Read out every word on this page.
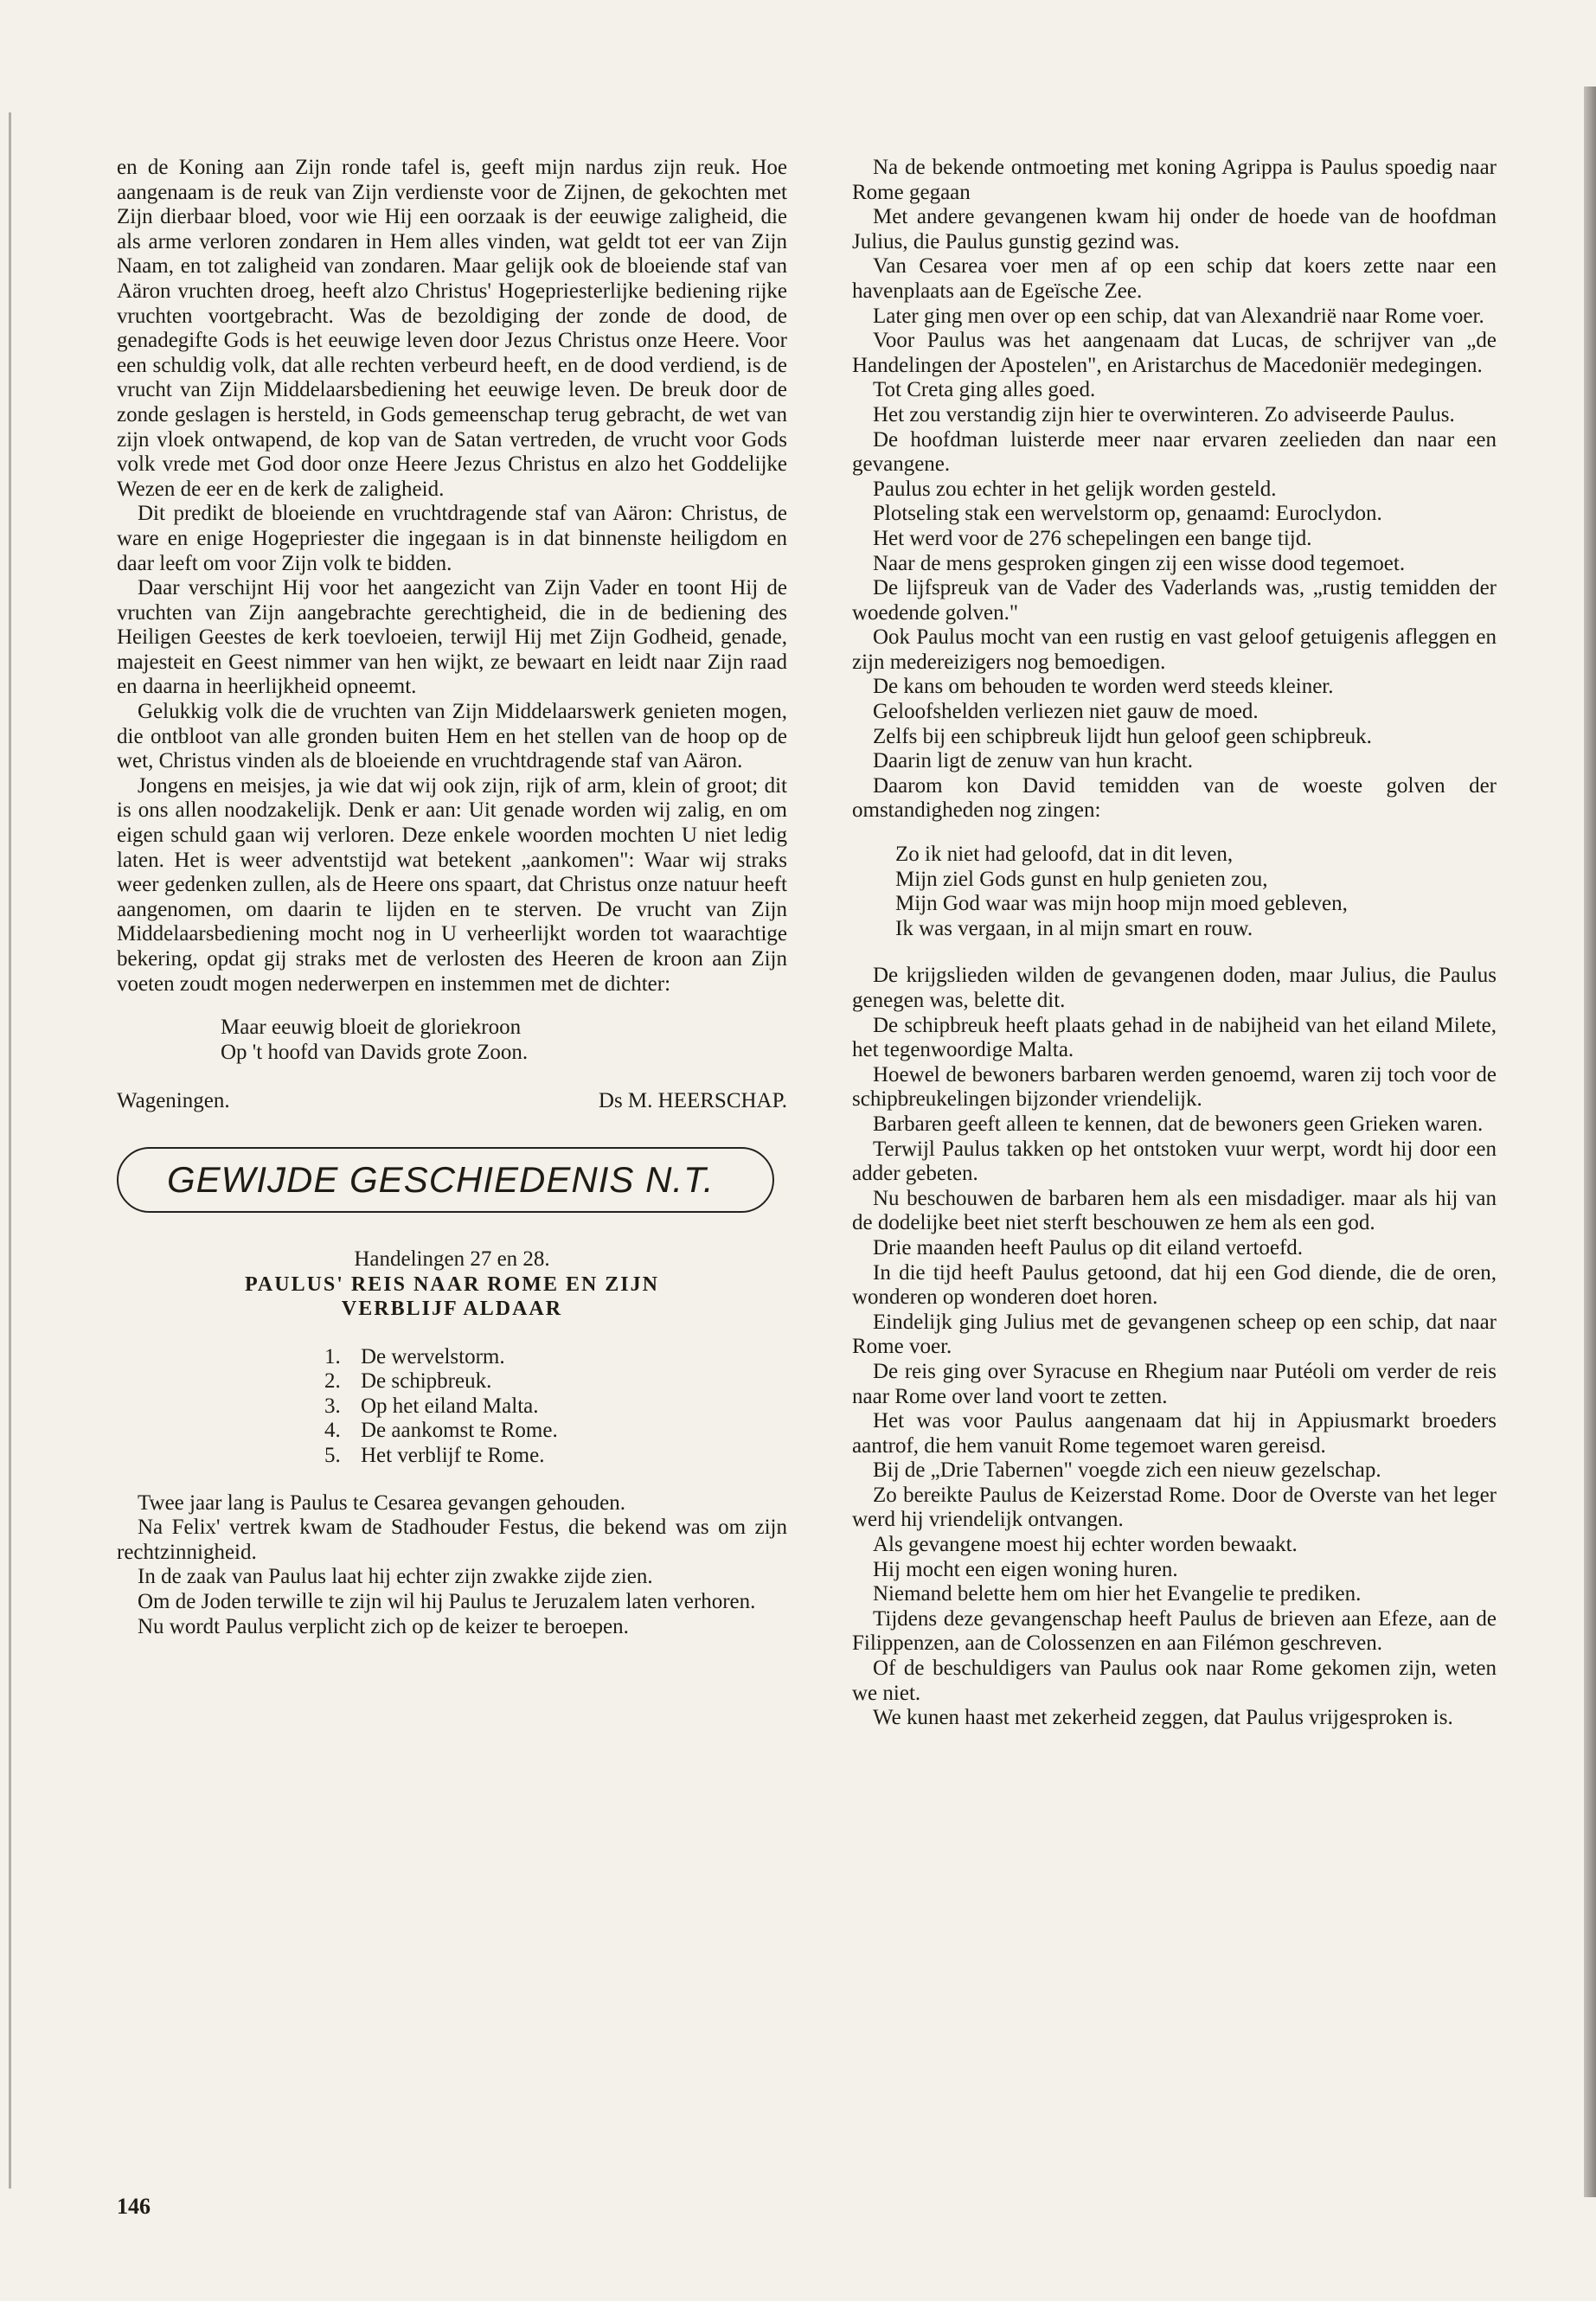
en de Koning aan Zijn ronde tafel is, geeft mijn nardus zijn reuk. Hoe aangenaam is de reuk van Zijn verdienste voor de Zijnen, de gekochten met Zijn dierbaar bloed, voor wie Hij een oorzaak is der eeuwige zaligheid, die als arme verloren zondaren in Hem alles vinden, wat geldt tot eer van Zijn Naam, en tot zaligheid van zondaren. Maar gelijk ook de bloeiende staf van Aäron vruchten droeg, heeft alzo Christus' Hogepriesterlijke bediening rijke vruchten voortgebracht. Was de bezoldiging der zonde de dood, de genadegifte Gods is het eeuwige leven door Jezus Christus onze Heere. Voor een schuldig volk, dat alle rechten verbeurd heeft, en de dood verdiend, is de vrucht van Zijn Middelaarsbediening het eeuwige leven. De breuk door de zonde geslagen is hersteld, in Gods gemeenschap terug gebracht, de wet van zijn vloek ontwapend, de kop van de Satan vertreden, de vrucht voor Gods volk vrede met God door onze Heere Jezus Christus en alzo het Goddelijke Wezen de eer en de kerk de zaligheid.

Dit predikt de bloeiende en vruchtdragende staf van Aäron: Christus, de ware en enige Hogepriester die ingegaan is in dat binnenste heiligdom en daar leeft om voor Zijn volk te bidden.

Daar verschijnt Hij voor het aangezicht van Zijn Vader en toont Hij de vruchten van Zijn aangebrachte gerechtigheid, die in de bediening des Heiligen Geestes de kerk toevloeien, terwijl Hij met Zijn Godheid, genade, majesteit en Geest nimmer van hen wijkt, ze bewaart en leidt naar Zijn raad en daarna in heerlijkheid opneemt.

Gelukkig volk die de vruchten van Zijn Middelaarswerk genieten mogen, die ontbloot van alle gronden buiten Hem en het stellen van de hoop op de wet, Christus vinden als de bloeiende en vruchtdragende staf van Aäron.

Jongens en meisjes, ja wie dat wij ook zijn, rijk of arm, klein of groot; dit is ons allen noodzakelijk. Denk er aan: Uit genade worden wij zalig, en om eigen schuld gaan wij verloren. Deze enkele woorden mochten U niet ledig laten. Het is weer adventstijd wat betekent „aankomen": Waar wij straks weer gedenken zullen, als de Heere ons spaart, dat Christus onze natuur heeft aangenomen, om daarin te lijden en te sterven. De vrucht van Zijn Middelaarsbediening mocht nog in U verheerlijkt worden tot waarachtige bekering, opdat gij straks met de verlosten des Heeren de kroon aan Zijn voeten zoudt mogen nederwerpen en instemmen met de dichter:

Maar eeuwig bloeit de gloriekroon
Op 't hoofd van Davids grote Zoon.
Wageningen.	Ds M. HEERSCHAP.
GEWIJDE GESCHIEDENIS N.T.

Handelingen 27 en 28.

PAULUS' REIS NAAR ROME EN ZIJN

VERBLIJF ALDAAR

1. De wervelstorm.
2. De schipbreuk.
3. Op het eiland Malta.
4. De aankomst te Rome.
5. Het verblijf te Rome.

Twee jaar lang is Paulus te Cesarea gevangen gehouden.

Na Felix' vertrek kwam de Stadhouder Festus, die bekend was om zijn rechtzinnigheid.

In de zaak van Paulus laat hij echter zijn zwakke zijde zien.

Om de Joden terwille te zijn wil hij Paulus te Jeruzalem laten verhoren.

Nu wordt Paulus verplicht zich op de keizer te beroepen.

Na de bekende ontmoeting met koning Agrippa is Paulus spoedig naar Rome gegaan

Met andere gevangenen kwam hij onder de hoede van de hoofdman Julius, die Paulus gunstig gezind was.

Van Cesarea voer men af op een schip dat koers zette naar een havenplaats aan de Egeïsche Zee.

Later ging men over op een schip, dat van Alexandrië naar Rome voer.

Voor Paulus was het aangenaam dat Lucas, de schrijver van „de Handelingen der Apostelen", en Aristarchus de Macedoniër medegingen.

Tot Creta ging alles goed.

Het zou verstandig zijn hier te overwinteren. Zo adviseerde Paulus.

De hoofdman luisterde meer naar ervaren zeelieden dan naar een gevangene.

Paulus zou echter in het gelijk worden gesteld.

Plotseling stak een wervelstorm op, genaamd: Euroclydon.

Het werd voor de 276 schepelingen een bange tijd.

Naar de mens gesproken gingen zij een wisse dood tegemoet.

De lijfspreuk van de Vader des Vaderlands was, „rustig temidden der woedende golven."

Ook Paulus mocht van een rustig en vast geloof getuigenis afleggen en zijn medereizigers nog bemoedigen.

De kans om behouden te worden werd steeds kleiner.

Geloofshelden verliezen niet gauw de moed.

Zelfs bij een schipbreuk lijdt hun geloof geen schipbreuk.

Daarin ligt de zenuw van hun kracht.

Daarom kon David temidden van de woeste golven der omstandigheden nog zingen:

Zo ik niet had geloofd, dat in dit leven,
Mijn ziel Gods gunst en hulp genieten zou,
Mijn God waar was mijn hoop mijn moed gebleven,
Ik was vergaan, in al mijn smart en rouw.

De krijgslieden wilden de gevangenen doden, maar Julius, die Paulus genegen was, belette dit.

De schipbreuk heeft plaats gehad in de nabijheid van het eiland Milete, het tegenwoordige Malta.

Hoewel de bewoners barbaren werden genoemd, waren zij toch voor de schipbreukelingen bijzonder vriendelijk.

Barbaren geeft alleen te kennen, dat de bewoners geen Grieken waren.

Terwijl Paulus takken op het ontstoken vuur werpt, wordt hij door een adder gebeten.

Nu beschouwen de barbaren hem als een misdadiger. maar als hij van de dodelijke beet niet sterft beschouwen ze hem als een god.

Drie maanden heeft Paulus op dit eiland vertoefd.

In die tijd heeft Paulus getoond, dat hij een God diende, die de oren, wonderen op wonderen doet horen.

Eindelijk ging Julius met de gevangenen scheep op een schip, dat naar Rome voer.

De reis ging over Syracuse en Rhegium naar Putéoli om verder de reis naar Rome over land voort te zetten.

Het was voor Paulus aangenaam dat hij in Appiusmarkt broeders aantrof, die hem vanuit Rome tegemoet waren gereisd.

Bij de „Drie Tabernen" voegde zich een nieuw gezelschap.

Zo bereikte Paulus de Keizerstad Rome. Door de Overste van het leger werd hij vriendelijk ontvangen.

Als gevangene moest hij echter worden bewaakt.

Hij mocht een eigen woning huren.

Niemand belette hem om hier het Evangelie te prediken.

Tijdens deze gevangenschap heeft Paulus de brieven aan Efeze, aan de Filippenzen, aan de Colossenzen en aan Filémon geschreven.

Of de beschuldigers van Paulus ook naar Rome gekomen zijn, weten we niet.

We kunen haast met zekerheid zeggen, dat Paulus vrijgesproken is.

146
